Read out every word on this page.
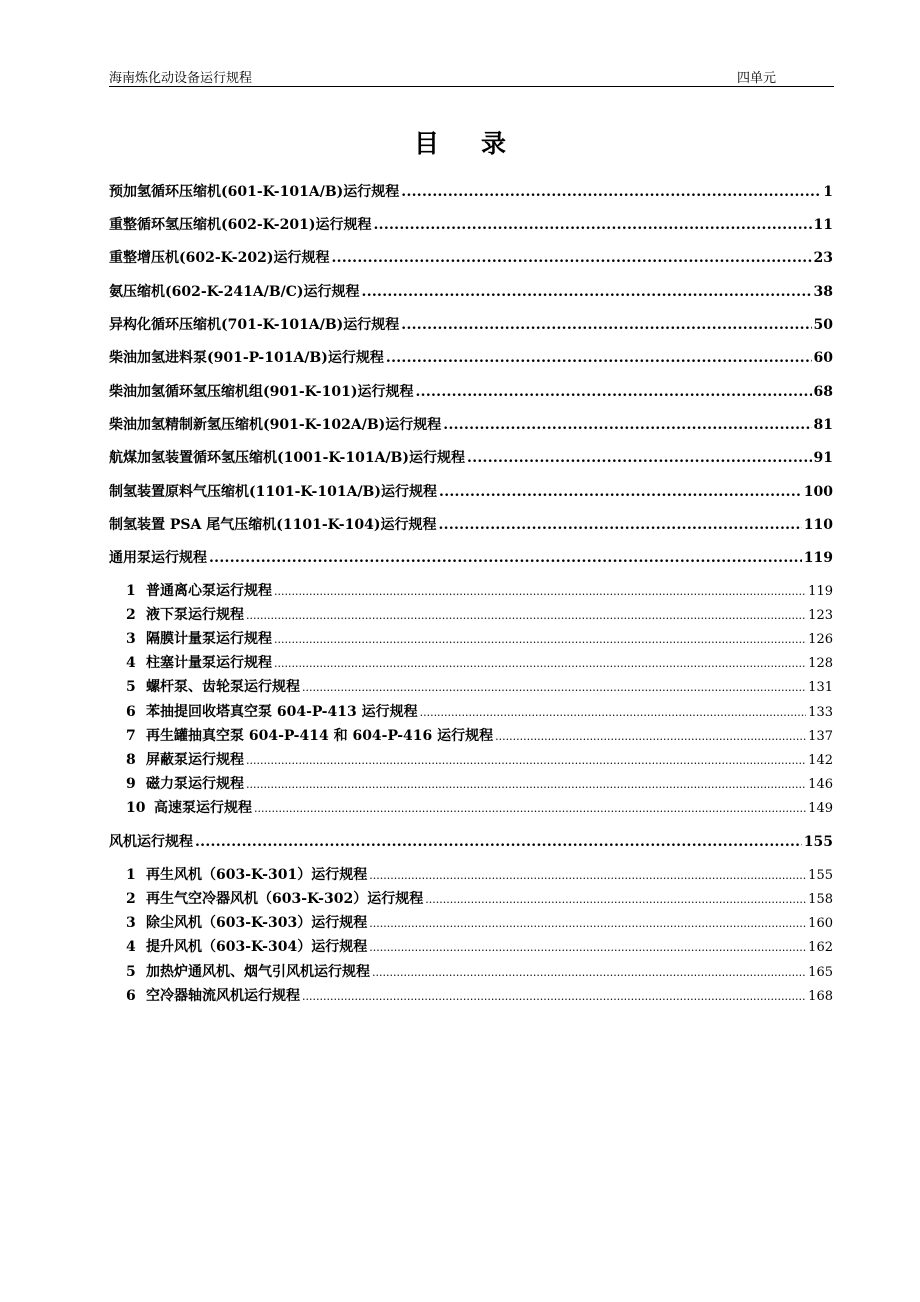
海南炼化动设备运行规程	四单元
目录
预加氢循环压缩机(601-K-101A/B)运行规程 .....	1
重整循环氢压缩机(602-K-201)运行规程 .....	11
重整增压机(602-K-202)运行规程 .....	23
氨压缩机(602-K-241A/B/C)运行规程 .....	38
异构化循环压缩机(701-K-101A/B)运行规程 .....	50
柴油加氢进料泵(901-P-101A/B)运行规程 .....	60
柴油加氢循环氢压缩机组(901-K-101)运行规程 .....	68
柴油加氢精制新氢压缩机(901-K-102A/B)运行规程 .....	81
航煤加氢装置循环氢压缩机(1001-K-101A/B)运行规程 .....	91
制氢装置原料气压缩机(1101-K-101A/B)运行规程 .....	100
制氢装置 PSA 尾气压缩机(1101-K-104)运行规程 .....	110
通用泵运行规程 .....	119
1 普通离心泵运行规程 .....	119
2 液下泵运行规程 .....	123
3 隔膜计量泵运行规程 .....	126
4 柱塞计量泵运行规程 .....	128
5 螺杆泵、齿轮泵运行规程 .....	131
6 苯抽提回收塔真空泵 604-P-413 运行规程 .....	133
7 再生罐抽真空泵 604-P-414 和 604-P-416 运行规程 .....	137
8 屏蔽泵运行规程 .....	142
9 磁力泵运行规程 .....	146
10 高速泵运行规程 .....	149
风机运行规程 .....	155
1 再生风机（603-K-301）运行规程 .....	155
2 再生气空冷器风机（603-K-302）运行规程 .....	158
3 除尘风机（603-K-303）运行规程 .....	160
4 提升风机（603-K-304）运行规程 .....	162
5 加热炉通风机、烟气引风机运行规程 .....	165
6 空冷器轴流风机运行规程 .....	168
